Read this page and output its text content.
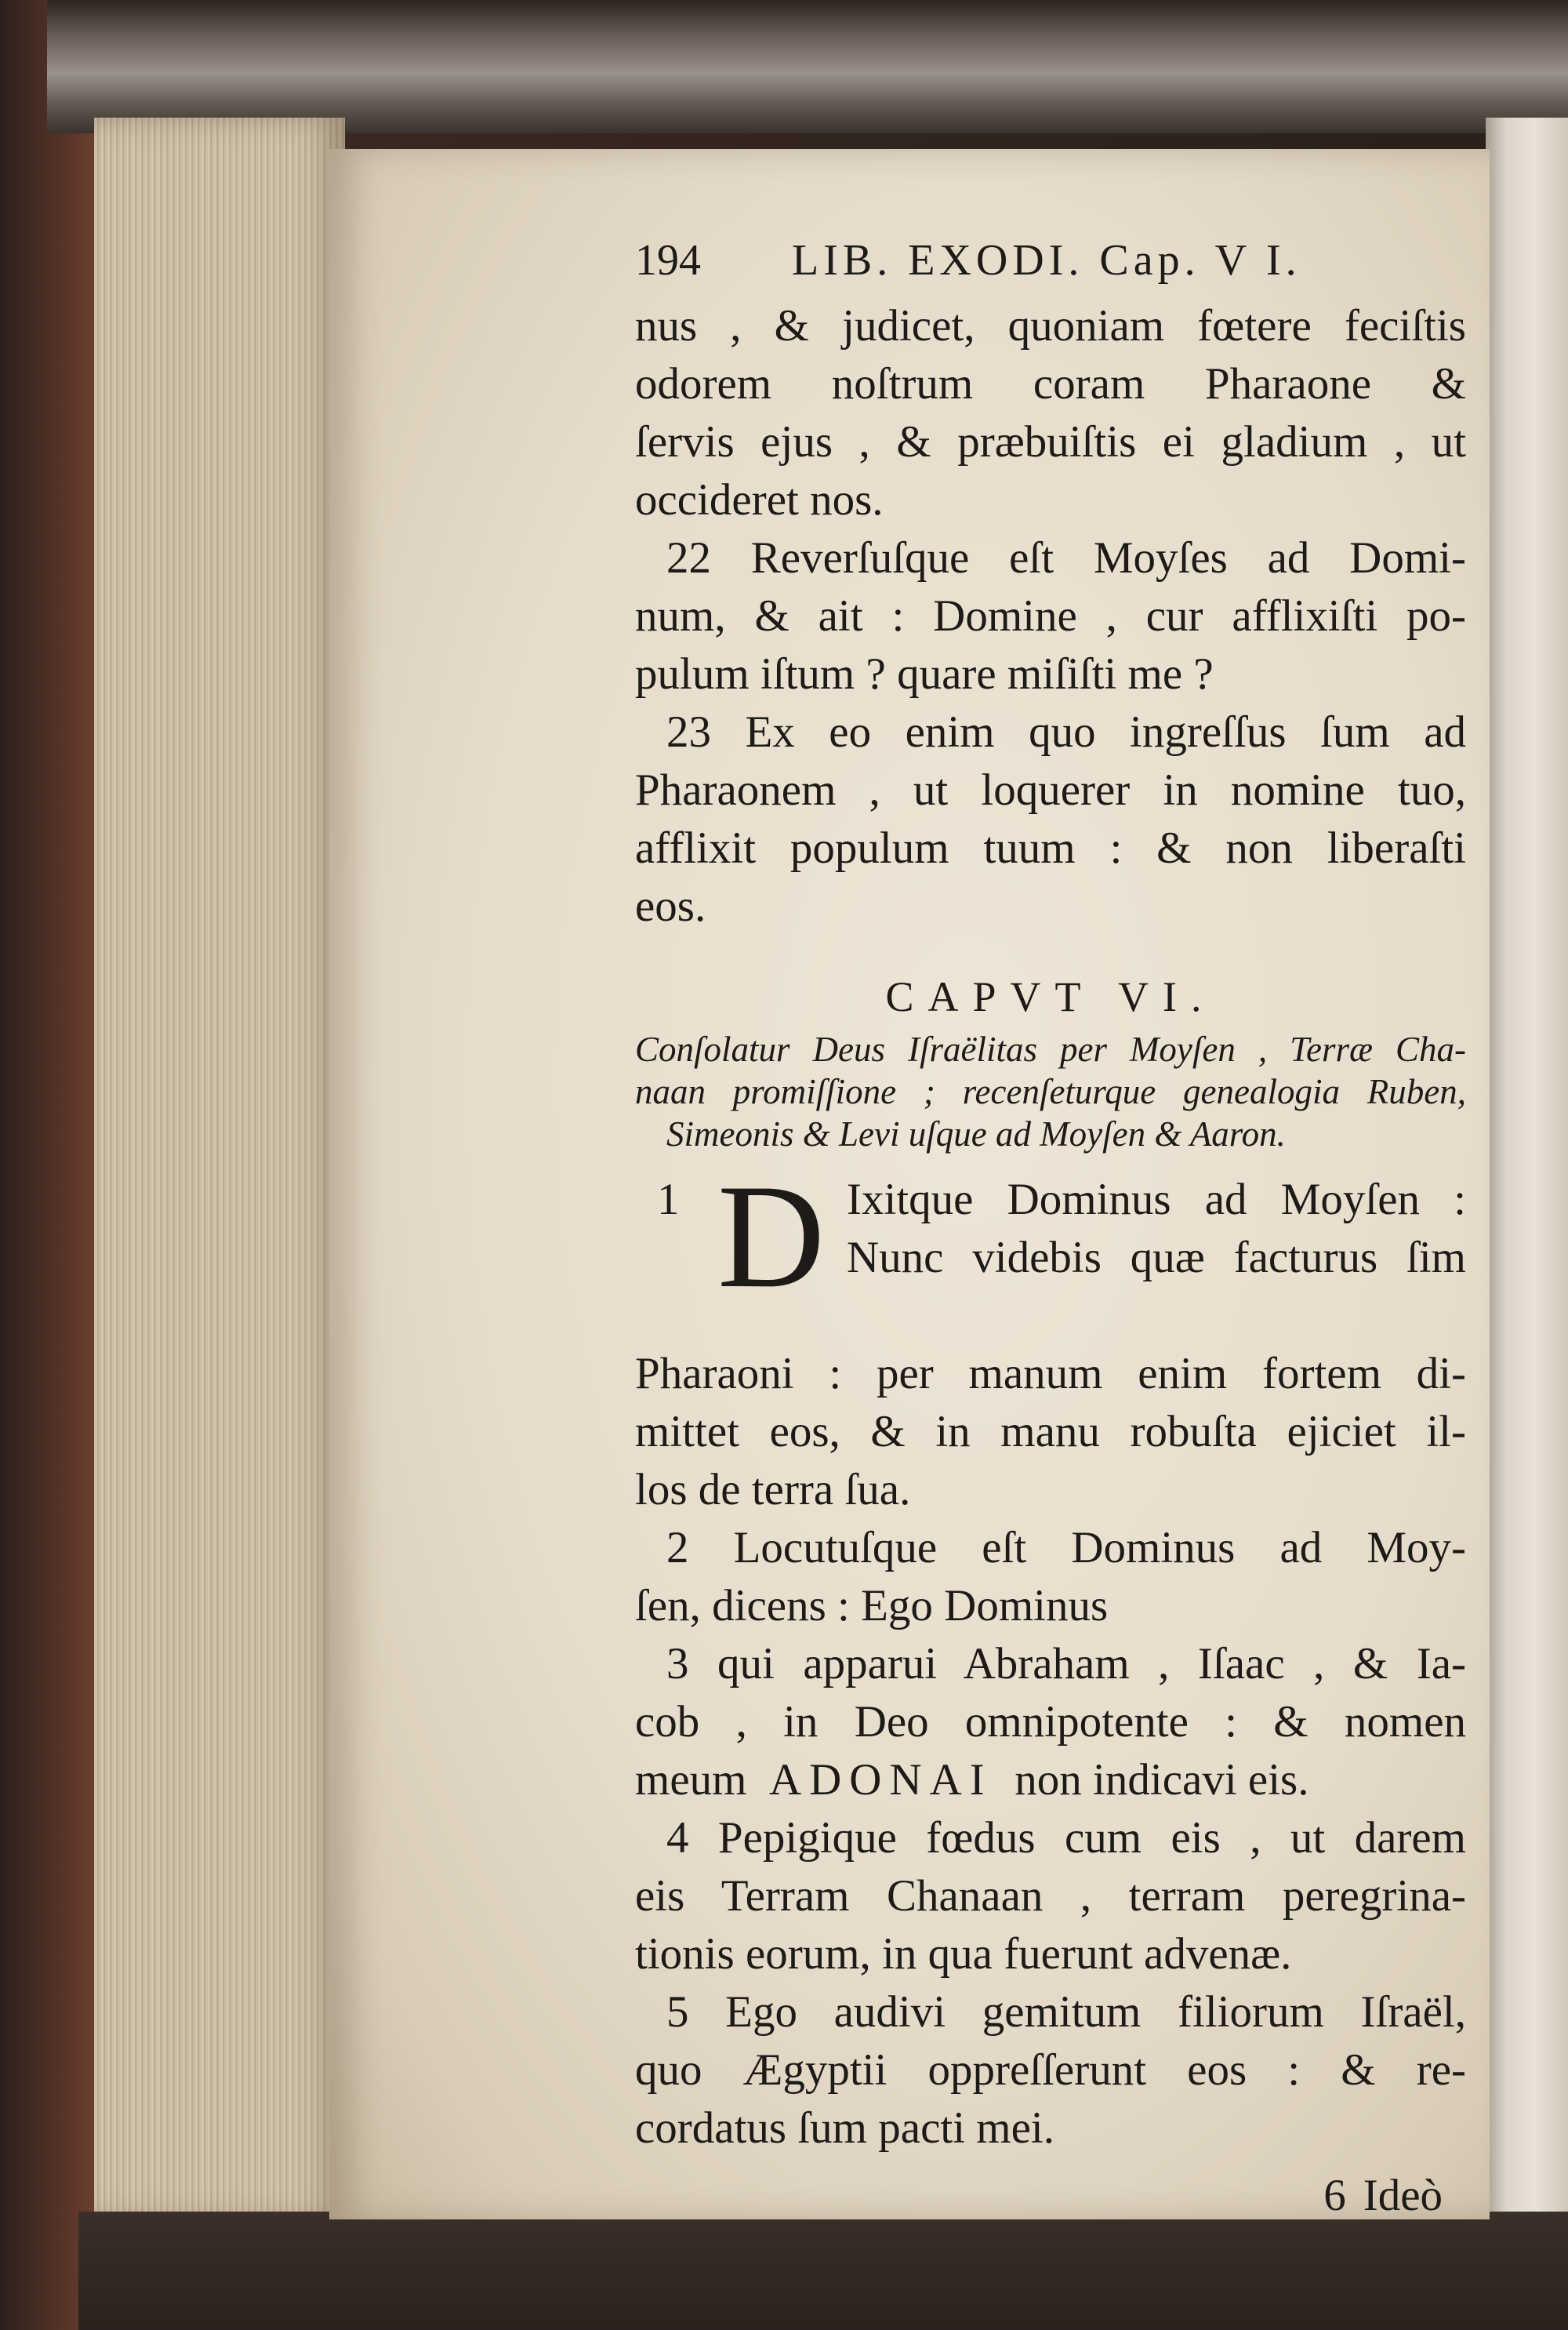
194	LIB. EXODI. Cap. V I.
nus , & judicet, quoniam fœtere feciſtis
odorem noſtrum coram Pharaone &
ſervis ejus , & præbuiſtis ei gladium , ut
occideret nos.
22 Reverſuſque eſt Moyſes ad Domi-
num, & ait : Domine , cur afflixiſti po-
pulum iſtum ? quare miſiſti me ?
23 Ex eo enim quo ingreſſus ſum ad
Pharaonem , ut loquerer in nomine tuo,
afflixit populum tuum : & non liberaſti
eos.
CAPVT VI.
Conſolatur Deus Iſraëlitas per Moyſen , Terræ Cha-
naan promiſſione ; recenſeturque genealogia Ruben,
Simeonis & Levi uſque ad Moyſen & Aaron.
1 D Ixitque Dominus ad Moyſen :
Nunc videbis quæ facturus ſim
Pharaoni : per manum enim fortem di-
mittet eos, & in manu robuſta ejiciet il-
los de terra ſua.
2 Locutuſque eſt Dominus ad Moy-
ſen, dicens : Ego Dominus
3 qui apparui Abraham , Iſaac , & Ia-
cob , in Deo omnipotente : & nomen
meum ADONAI non indicavi eis.
4 Pepigique fœdus cum eis , ut darem
eis Terram Chanaan , terram peregrina-
tionis eorum, in qua fuerunt advenæ.
5 Ego audivi gemitum filiorum Iſraël,
quo Ægyptii oppreſſerunt eos : & re-
cordatus ſum pacti mei.
6 Ideò
